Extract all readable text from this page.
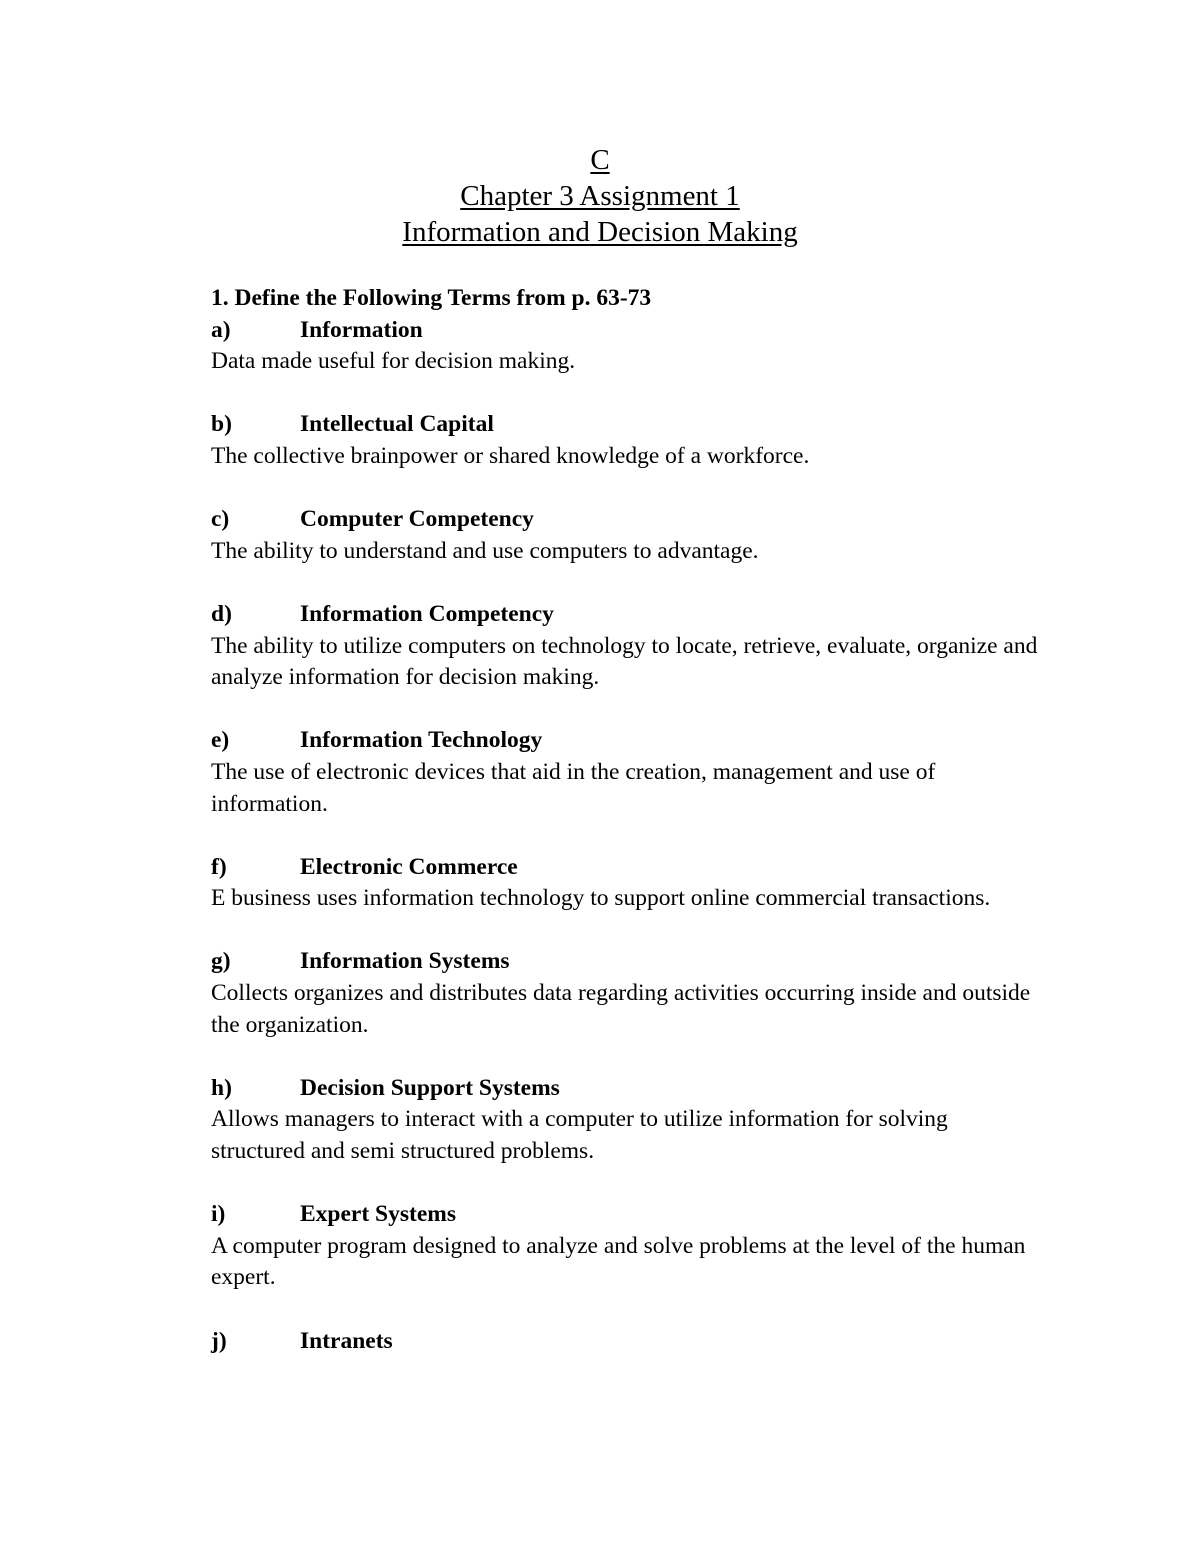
C
Chapter 3 Assignment 1
Information and Decision Making

1. Define the Following Terms from p. 63-73

a)	Information

Data made useful for decision making.

b)	Intellectual Capital

The collective brainpower or shared knowledge of a workforce.

c)	Computer Competency

The ability to understand and use computers to advantage.

d)	Information Competency

The ability to utilize computers on technology to locate, retrieve, evaluate, organize and analyze information for decision making.

e)	Information Technology

The use of electronic devices that aid in the creation, management and use of information.

f)	Electronic Commerce

E business uses information technology to support online commercial transactions.

g)	Information Systems

Collects organizes and distributes data regarding activities occurring inside and outside the organization.

h)	Decision Support Systems

Allows managers to interact with a computer to utilize information for solving structured and semi structured problems.

i)	Expert Systems

A computer program designed to analyze and solve problems at the level of the human expert.

j)	Intranets
